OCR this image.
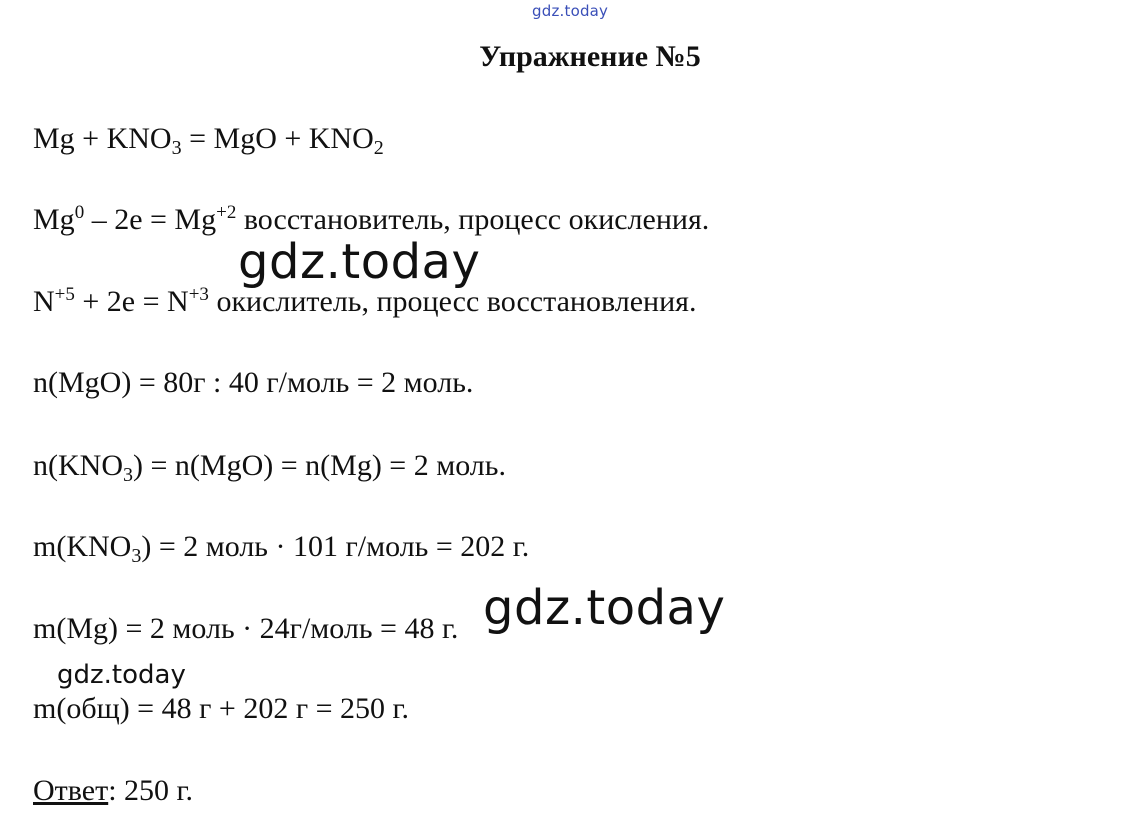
gdz.today
Упражнение №5
$Mg + KNO_3$ = MgO + $KNO_2$
$Mg^0 - 2e = Mg^{+2}$ восстановитель, процесс окисления.
$N^{+5} + 2e = N^{+3}$ окислитель, процесс восстановления.
n(MgO) = 80г : 40 г/моль = 2 моль.
$n(KNO_3) = n(MgO) = n(Mg) = 2$ моль.
$m(KNO_3) = 2$ моль · 101 г/моль = 202 г.
m(Mg) = 2 моль · 24г/моль = 48 г.
m(общ) = 48 г + 202 г = 250 г.
Ответ: 250 г.
gdz.today
gdz.today
gdz.today
